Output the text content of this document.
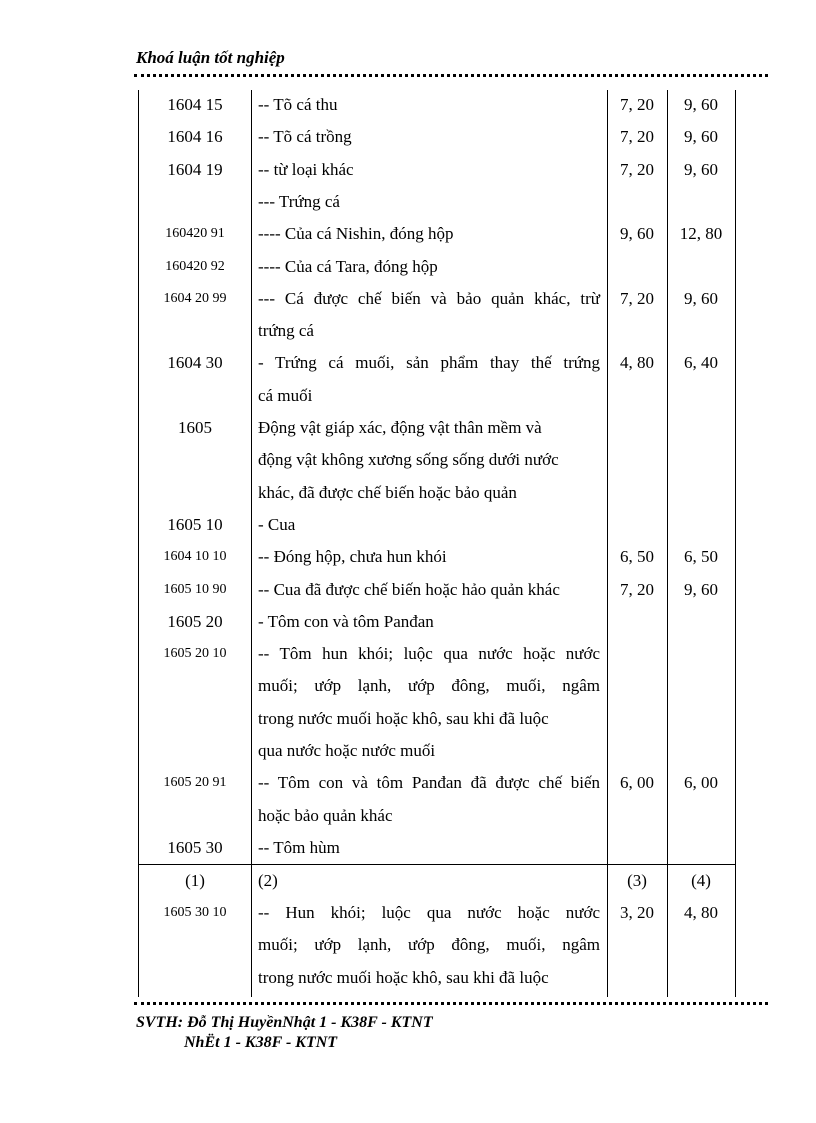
Khoá luận tốt nghiệp
1604 15	-- Tõ cá thu	7, 20	9, 60
1604 16	-- Tõ cá trồng	7, 20	9, 60
1604 19	-- từ loại khác	7, 20	9, 60
--- Trứng cá
160420 91	---- Của cá Nishin, đóng hộp	9, 60	12, 80
160420 92	---- Của cá Tara, đóng hộp
1604 20 99	--- Cá được chế biến và bảo quản khác, trừ	7, 20	9, 60
trứng cá
1604 30	- Trứng cá muối, sản phẩm thay thế trứng	4, 80	6, 40
cá muối
1605	Động vật giáp xác, động vật thân mềm và
động vật không xương sống sống dưới nước
khác, đã được chế biến hoặc bảo quản
1605 10	- Cua
1604 10 10	-- Đóng hộp, chưa hun khói	6, 50	6, 50
1605 10 90	-- Cua đã được chế biến hoặc hảo quản khác	7, 20	9, 60
1605 20	- Tôm con và tôm Panđan
1605 20 10	-- Tôm hun khói; luộc qua nước hoặc nước
muối; ướp lạnh, ướp đông, muối, ngâm
trong nước muối hoặc khô, sau khi đã luộc
qua nước hoặc nước muối
1605 20 91	-- Tôm con và tôm Panđan đã được chế biến	6, 00	6, 00
hoặc bảo quản khác
1605 30	-- Tôm hùm
(1)	(2)	(3)	(4)
1605 30 10	-- Hun khói; luộc qua nước hoặc nước	3, 20	4, 80
muối; ướp lạnh, ướp đông, muối, ngâm
trong nước muối hoặc khô, sau khi đã luộc
SVTH: Đỗ Thị HuyềnNhật 1 - K38F - KTNT
NhËt 1 - K38F - KTNT
